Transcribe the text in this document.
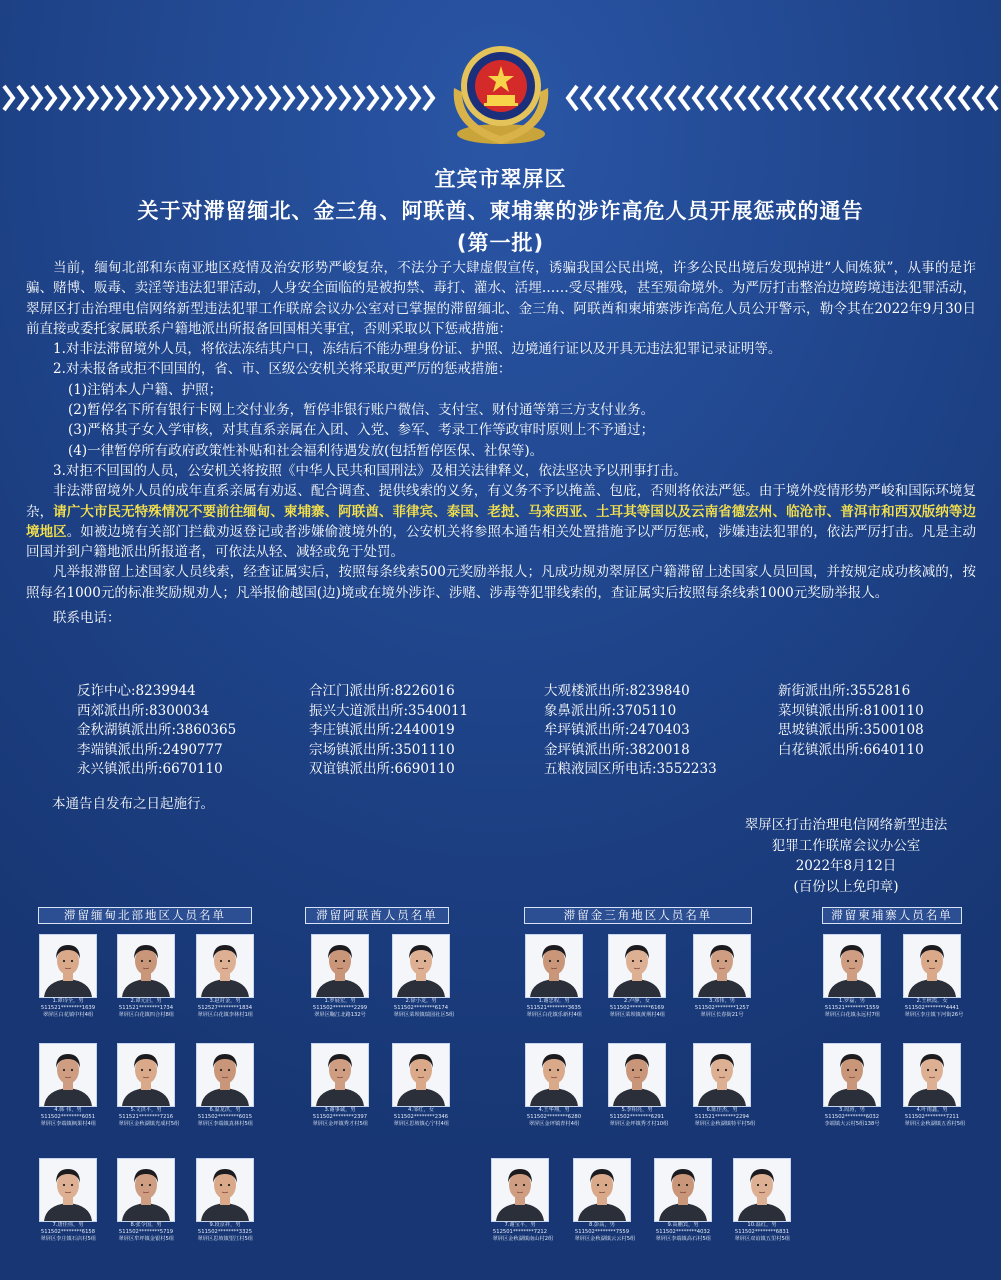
宜宾市翠屏区
关于对滞留缅北、金三角、阿联酋、柬埔寨的涉诈高危人员开展惩戒的通告
(第一批)

当前，缅甸北部和东南亚地区疫情及治安形势严峻复杂，不法分子大肆虚假宣传，诱骗我国公民出境，许多公民出境后发现掉进“人间炼狱”，从事的是诈骗、赌博、贩毒、卖淫等违法犯罪活动，人身安全面临的是被拘禁、毒打、灌水、活埋……受尽摧残，甚至殒命境外。为严厉打击整治边境跨境违法犯罪活动，翠屏区打击治理电信网络新型违法犯罪工作联席会议办公室对已掌握的滞留缅北、金三角、阿联酋和柬埔寨涉诈高危人员公开警示，勒令其在2022年9月30日前直接或委托家属联系户籍地派出所报备回国相关事宜，否则采取以下惩戒措施：

1.对非法滞留境外人员，将依法冻结其户口，冻结后不能办理身份证、护照、边境通行证以及开具无违法犯罪记录证明等。

2.对未报备或拒不回国的，省、市、区级公安机关将采取更严厉的惩戒措施：

(1)注销本人户籍、护照；

(2)暂停名下所有银行卡网上交付业务，暂停非银行账户微信、支付宝、财付通等第三方支付业务。

(3)严格其子女入学审核，对其直系亲属在入团、入党、参军、考录工作等政审时原则上不予通过；

(4)一律暂停所有政府政策性补贴和社会福利待遇发放(包括暂停医保、社保等)。

3.对拒不回国的人员，公安机关将按照《中华人民共和国刑法》及相关法律释义，依法坚决予以刑事打击。

非法滞留境外人员的成年直系亲属有劝返、配合调查、提供线索的义务，有义务不予以掩盖、包庇，否则将依法严惩。由于境外疫情形势严峻和国际环境复杂，请广大市民无特殊情况不要前往缅甸、柬埔寨、阿联酋、菲律宾、泰国、老挝、马来西亚、土耳其等国以及云南省德宏州、临沧市、普洱市和西双版纳等边境地区。如被边境有关部门拦截劝返登记或者涉嫌偷渡境外的，公安机关将参照本通告相关处置措施予以严厉惩戒，涉嫌违法犯罪的，依法严厉打击。凡是主动回国并到户籍地派出所报道者，可依法从轻、减轻或免于处罚。

凡举报滞留上述国家人员线索，经查证属实后，按照每条线索500元奖励举报人；凡成功规劝翠屏区户籍滞留上述国家人员回国，并按规定成功核减的，按照每名1000元的标准奖励规劝人；凡举报偷越国(边)境或在境外涉诈、涉赌、涉毒等犯罪线索的，查证属实后按照每条线索1000元奖励举报人。

联系电话：

反诈中心:8239944
西郊派出所:8300034
金秋湖镇派出所:3860365
李端镇派出所:2490777
永兴镇派出所:6670110
合江门派出所:8226016
振兴大道派出所:3540011
李庄镇派出所:2440019
宗场镇派出所:3501110
双谊镇派出所:6690110
大观楼派出所:8239840
象鼻派出所:3705110
牟坪镇派出所:2470403
金坪镇派出所:3820018
五粮液园区所电话:3552233
新街派出所:3552816
菜坝镇派出所:8100110
思坡镇派出所:3500108
白花镇派出所:6640110
本通告自发布之日起施行。
翠屏区打击治理电信网络新型违法
犯罪工作联席会议办公室
2022年8月12日
(百份以上免印章)
滞留缅甸北部地区人员名单
1.谭诗全，男
511521********1639
翠屏区白花镇中村4组
2.谭元启，男
511521********1734
翠屏区白花镇四合村8组
3.赵封金，男
512527********1834
翠屏区白花镇李林村1组
4.韩 伟，男
511502********6051
翠屏区李端镇枫果村4组
5.文洪平，男
511521********7216
翠屏区金秋湖镇光成村5组
6.温龙洪，男
511502********6015
翠屏区李端镇真林村5组
7.唐佳伟，男
511502********6158
翠屏区李庄镇石店村5组
8.张令国，男
511502********5719
翠屏区牟坪镇金银村5组
9.段京祥，男
511502********3325
翠屏区思坡镇望江村5组
滞留阿联酋人员名单
1.罗展宏，男
511502********2299
翠屏区鞠江北路132号
2.徐小龙，男
511502********6174
翠屏区菜坝镇瑞园社区5组
3.谢事诚，男
511502********2397
翠屏区金坪镇秀才村5组
4.邹红，女
511502********2346
翠屏区思坡镇心宁村4组
滞留金三角地区人员名单
1.谢忠程，男
511521********3635
翠屏区白花镇乐新村4组
2.卢静，女
511502********6169
翠屏区菜坝镇黄荆村4组
3.邓伟，男
511502********1257
翠屏区长春街21号
4.王华翔，男
511502********6280
翠屏区金坪镇青村4组
5.李相亮，男
511502********6291
翠屏区金坪镇秀才村10组
6.陈佳杰，男
511521********2294
翠屏区金秋湖镇特平村5组
7.谢宝平，男
512501********7212
翠屏区金秋湖镇南山村2组
8.彭高，男
511502********7559
翠屏区金秋湖镇云云村5组
9.高鹏宾，男
511502********4032
翠屏区李端镇高石村5组
10.温红，男
511502********6831
翠屏区双谊镇五里村5组
滞留柬埔寨人员名单
1.罗磊，男
511521********1559
翠屏区白花镇永远村7组
2.王秋霞，女
511502********4441
翠屏区李庄镇下河街26号
3.周涛，男
511502********6032
李端镇大云村5组138号
4.叶雨鑫，男
511502********7211
翠屏区金秋湖镇五香村5组
